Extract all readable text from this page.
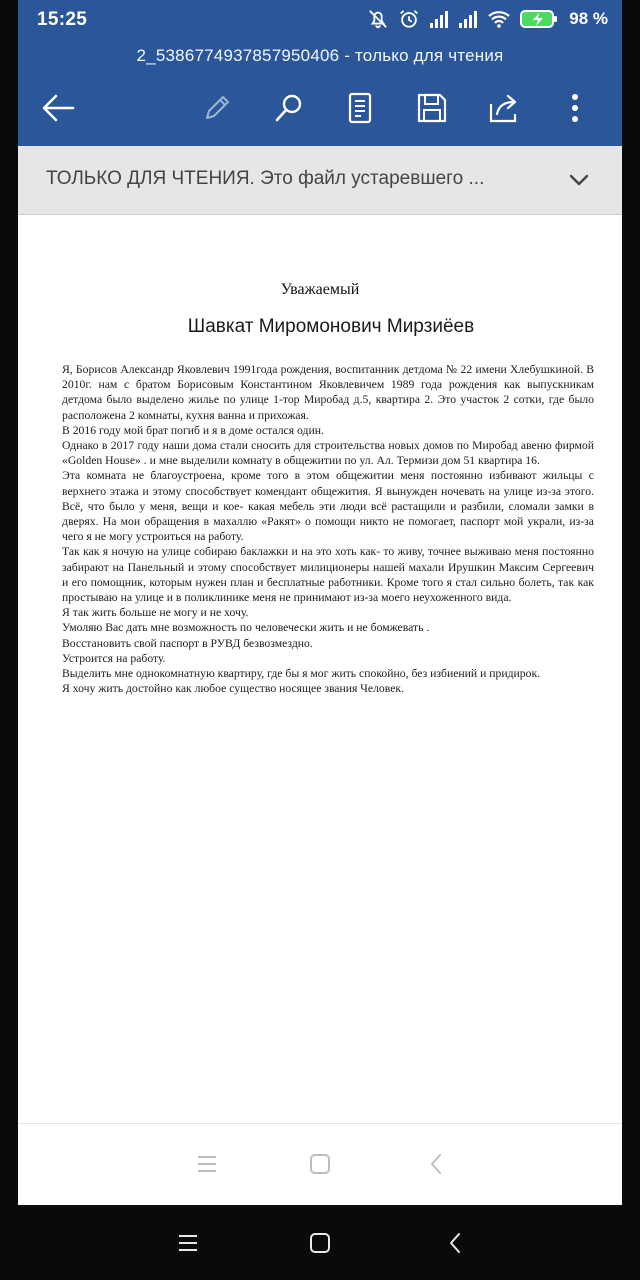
15:25	98 %
2_5386774937857950406 - только для чтения
ТОЛЬКО ДЛЯ ЧТЕНИЯ. Это файл устаревшего ...
Уважаемый
Шавкат Миромонович Мирзиёев

Я, Борисов Александр Яковлевич 1991года рождения, воспитанник детдома № 22 имени Хлебушкиной. В 2010г. нам с братом Борисовым Константином Яковлевичем 1989 года рождения как выпускникам детдома было выделено жилье по улице 1-тор Миробад д.5, квартира 2. Это участок 2 сотки, где было расположена 2 комнаты, кухня ванна и прихожая.

В 2016 году мой брат погиб и я в доме остался один.

Однако в 2017 году наши дома стали сносить для строительства новых домов по Миробад авеню фирмой «Golden House» . и мне выделили комнату в общежитии по ул. Ал. Термизи дом 51 квартира 16.

Эта комната не благоустроена, кроме того в этом общежитии меня постоянно избивают жильцы с верхнего этажа и этому способствует комендант общежития. Я вынужден ночевать на улице из-за этого. Всё, что было у меня, вещи и кое- какая мебель эти люди всё растащили и разбили, сломали замки в дверях. На мои обращения в махаллю «Ракят» о помощи никто не помогает, паспорт мой украли, из-за чего я не могу устроиться на работу.

Так как я ночую на улице собираю баклажки и на это хоть как- то живу, точнее выживаю меня постоянно забирают на Панельный и этому способствует милиционеры нашей махали Ирушкин Максим Сергеевич и его помощник, которым нужен план и бесплатные работники. Кроме того я стал сильно болеть, так как простываю на улице и в поликлинике меня не принимают из-за моего неухоженного вида.

Я так жить больше не могу и не хочу.

Умоляю Вас дать мне возможность по человечески жить и не бомжевать .

Восстановить свой паспорт в РУВД безвозмездно.

Устроится на работу.

Выделить мне однокомнатную квартиру, где бы я мог жить спокойно, без избиений и придирок.

Я хочу жить достойно как любое существо носящее звания Человек.
